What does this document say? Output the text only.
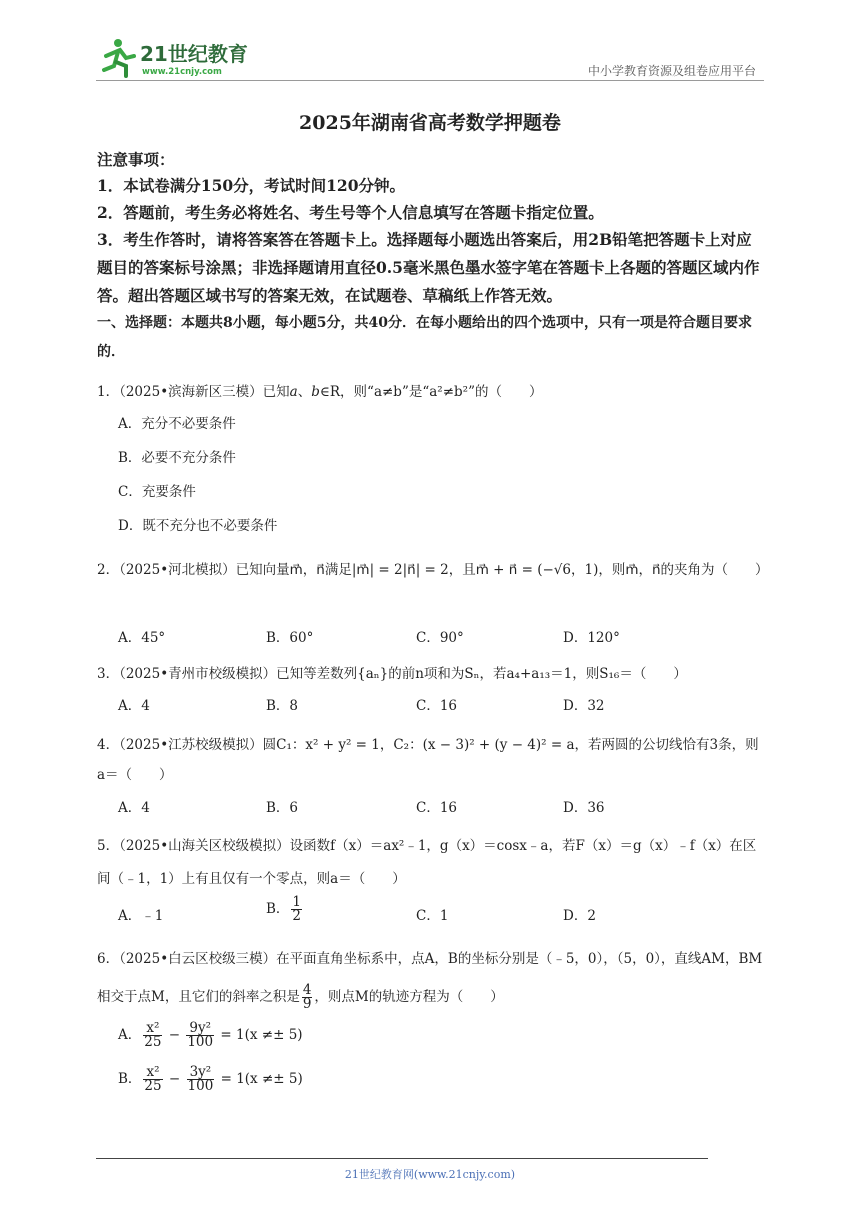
21世纪教育
www.21cnjy.com	中小学教育资源及组卷应用平台
2025年湖南省高考数学押题卷
注意事项：
1．本试卷满分150分，考试时间120分钟。
2．答题前，考生务必将姓名、考生号等个人信息填写在答题卡指定位置。
3．考生作答时，请将答案答在答题卡上。选择题每小题选出答案后，用2B铅笔把答题卡上对应题目的答案标号涂黑；非选择题请用直径0.5毫米黑色墨水签字笔在答题卡上各题的答题区域内作答。超出答题区域书写的答案无效，在试题卷、草稿纸上作答无效。
一、选择题：本题共8小题，每小题5分，共40分．在每小题给出的四个选项中，只有一项是符合题目要求的．
1．（2025•滨海新区三模）已知a、b∈R，则“a≠b”是“a²≠b²”的（　　）
A．充分不必要条件
B．必要不充分条件
C．充要条件
D．既不充分也不必要条件
2．（2025•河北模拟）已知向量m⃗，n⃗满足|m⃗| = 2|n⃗| = 2，且m⃗ + n⃗ = (−√6，1)，则m⃗，n⃗的夹角为（　　）
A．45°	B．60°	C．90°	D．120°
3．（2025•青州市校级模拟）已知等差数列{aₙ}的前n项和为Sₙ，若a₄+a₁₃＝1，则S₁₆＝（　　）
A．4	B．8	C．16	D．32
4．（2025•江苏校级模拟）圆C₁：x² + y² = 1，C₂：(x − 3)² + (y − 4)² = a，若两圆的公切线恰有3条，则a＝（　　）
A．4	B．6	C．16	D．36
5．（2025•山海关区校级模拟）设函数f（x）＝ax²﹣1，g（x）＝cosx﹣a，若F（x）＝g（x）﹣f（x）在区间（﹣1，1）上有且仅有一个零点，则a＝（　　）
A．﹣1	B． $\frac{1}{2}$	C．1	D．2
6．（2025•白云区校级三模）在平面直角坐标系中，点A，B的坐标分别是（﹣5，0），（5，0），直线AM，BM相交于点M，且它们的斜率之积是 $\frac{4}{9}$ ，则点M的轨迹方程为（　　）
A． $\frac{\text{x²}}{25} - \frac{\text{9y²}}{100} = 1(x \ne\pm 5)$
B． $\frac{\text{x²}}{25} - \frac{\text{3y²}}{100} = 1(x \ne\pm 5)$
21世纪教育网(www.21cnjy.com)
